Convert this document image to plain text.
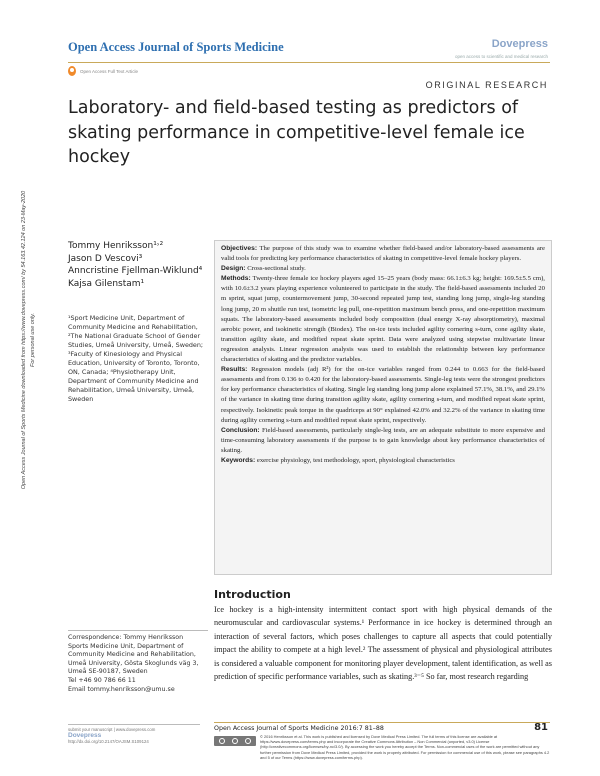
Open Access Journal of Sports Medicine	Dovepress
open access to scientific and medical research
Open Access Full Text Article
ORIGINAL RESEARCH
Laboratory- and field-based testing as predictors of skating performance in competitive-level female ice hockey
Open Access Journal of Sports Medicine downloaded from https://www.dovepress.com/ by 54.163.42.124 on 23-May-2020 For personal use only.
Tommy Henriksson¹˒²
Jason D Vescovi³
Anncristine Fjellman-Wiklund⁴
Kajsa Gilenstam¹
¹Sport Medicine Unit, Department of Community Medicine and Rehabilitation, ²The National Graduate School of Gender Studies, Umeå University, Umeå, Sweden; ³Faculty of Kinesiology and Physical Education, University of Toronto, Toronto, ON, Canada; ⁴Physiotherapy Unit, Department of Community Medicine and Rehabilitation, Umeå University, Umeå, Sweden

Objectives: The purpose of this study was to examine whether field-based and/or laboratory-based assessments are valid tools for predicting key performance characteristics of skating in competitive-level female hockey players.

Design: Cross-sectional study.

Methods: Twenty-three female ice hockey players aged 15–25 years (body mass: 66.1±6.3 kg; height: 169.5±5.5 cm), with 10.6±3.2 years playing experience volunteered to participate in the study. The field-based assessments included 20 m sprint, squat jump, countermovement jump, 30-second repeated jump test, standing long jump, single-leg standing long jump, 20 m shuttle run test, isometric leg pull, one-repetition maximum bench press, and one-repetition maximum squats. The laboratory-based assessments included body composition (dual energy X-ray absorptiometry), maximal aerobic power, and isokinetic strength (Biodex). The on-ice tests included agility cornering s-turn, cone agility skate, transition agility skate, and modified repeat skate sprint. Data were analyzed using stepwise multivariate linear regression analysis. Linear regression analysis was used to establish the relationship between key performance characteristics of skating and the predictor variables.

Results: Regression models (adj R²) for the on-ice variables ranged from 0.244 to 0.663 for the field-based assessments and from 0.136 to 0.420 for the laboratory-based assessments. Single-leg tests were the strongest predictors for key performance characteristics of skating. Single leg standing long jump alone explained 57.1%, 38.1%, and 29.1% of the variance in skating time during transition agility skate, agility cornering s-turn, and modified repeat skate sprint, respectively. Isokinetic peak torque in the quadriceps at 90° explained 42.0% and 32.2% of the variance in skating time during agility cornering s-turn and modified repeat skate sprint, respectively.

Conclusion: Field-based assessments, particularly single-leg tests, are an adequate substitute to more expensive and time-consuming laboratory assessments if the purpose is to gain knowledge about key performance characteristics of skating.

Keywords: exercise physiology, test methodology, sport, physiological characteristics

Introduction

Ice hockey is a high-intensity intermittent contact sport with high physical demands of the neuromuscular and cardiovascular systems.¹ Performance in ice hockey is determined through an interaction of several factors, which poses challenges to capture all aspects that could potentially impact the ability to compete at a high level.² The assessment of physical and physiological attributes is considered a valuable component for monitoring player development, talent identification, as well as prediction of specific performance variables, such as skating.³⁻⁵ So far, most research regarding

Correspondence: Tommy Henriksson
Sports Medicine Unit, Department of Community Medicine and Rehabilitation, Umeå University, Gösta Skoglunds väg 3, Umeå SE-90187, Sweden
Tel +46 90 786 66 11
Email tommy.henriksson@umu.se
submit your manuscript | www.dovepress.com
Dovepress
http://dx.doi.org/10.2147/OAJSM.S109124
Open Access Journal of Sports Medicine 2016:7 81–88	81
© 2016 Henriksson et al. This work is published and licensed by Dove Medical Press Limited. The full terms of this license are available at https://www.dovepress.com/terms.php and incorporate the Creative Commons Attribution – Non Commercial (unported, v3.0) License (http://creativecommons.org/licenses/by-nc/3.0/). By accessing the work you hereby accept the Terms. Non-commercial uses of the work are permitted without any further permission from Dove Medical Press Limited, provided the work is properly attributed. For permission for commercial use of this work, please see paragraphs 4.2 and 5 of our Terms (https://www.dovepress.com/terms.php).
